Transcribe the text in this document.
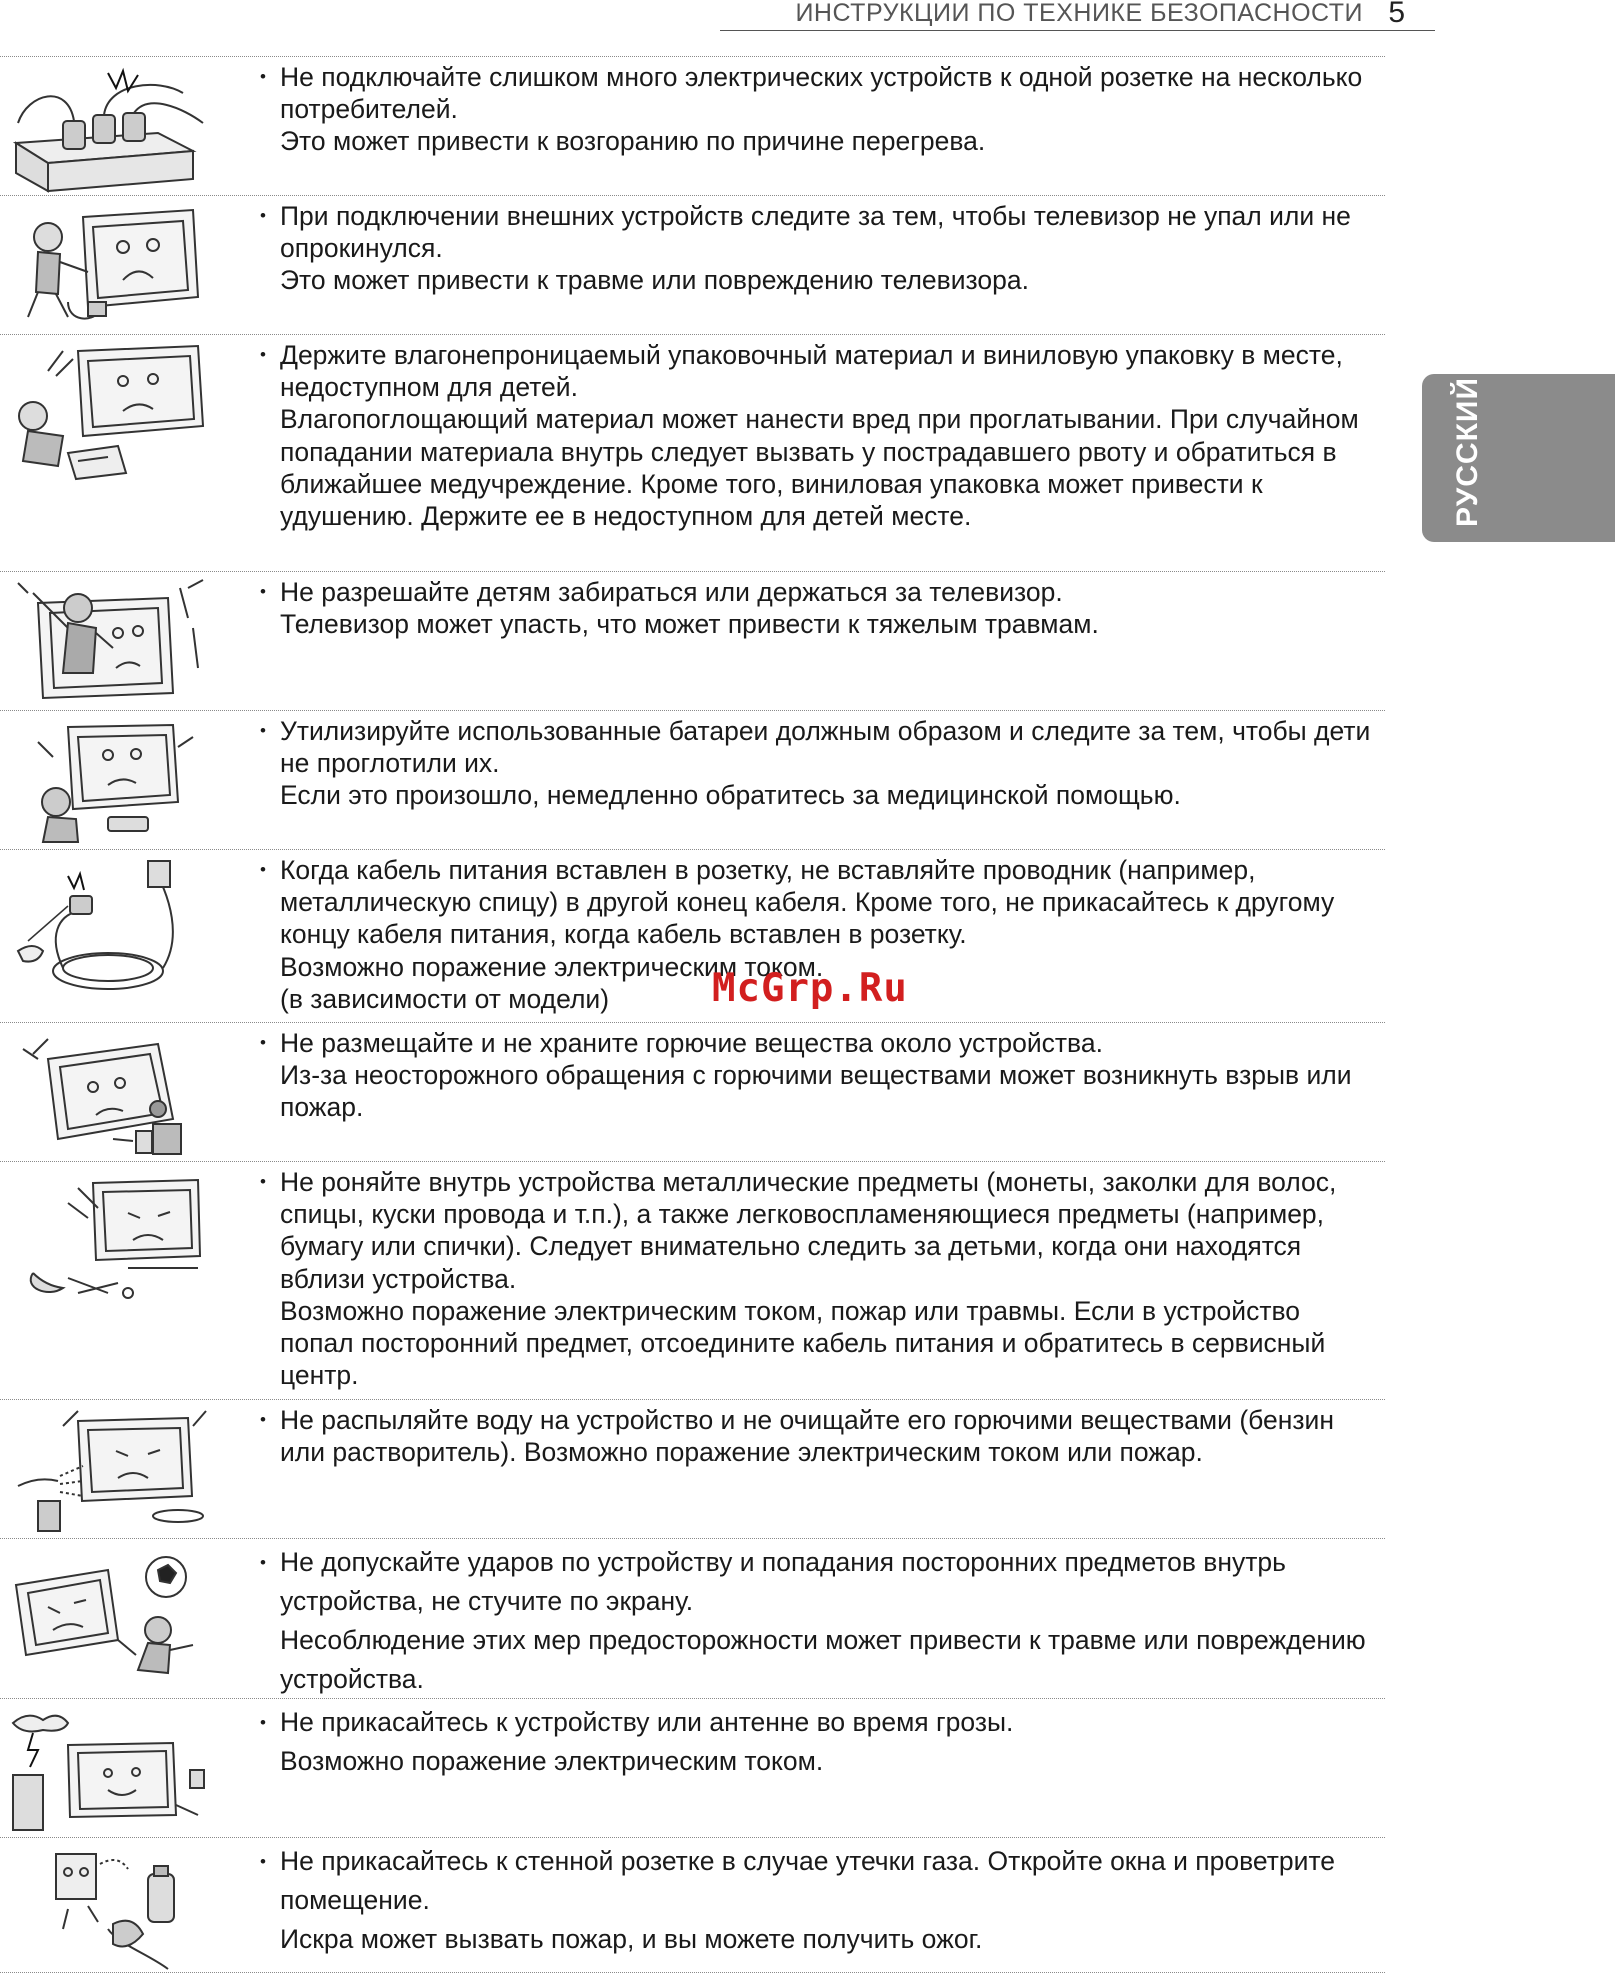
ИНСТРУКЦИИ ПО ТЕХНИКЕ БЕЗОПАСНОСТИ 5
РУССКИЙ

• Не подключайте слишком много электрических устройств к одной розетке на несколько потребителей.

Это может привести к возгоранию по причине перегрева.

• При подключении внешних устройств следите за тем, чтобы телевизор не упал или не опрокинулся.

Это может привести к травме или повреждению телевизора.

• Держите влагонепроницаемый упаковочный материал и виниловую упаковку в месте, недоступном для детей.

Влагопоглощающий материал может нанести вред при проглатывании. При случайном попадании материала внутрь следует вызвать у пострадавшего рвоту и обратиться в ближайшее медучреждение. Кроме того, виниловая упаковка может привести к удушению. Держите ее в недоступном для детей месте.

• Не разрешайте детям забираться или держаться за телевизор.

Телевизор может упасть, что может привести к тяжелым травмам.

• Утилизируйте использованные батареи должным образом и следите за тем, чтобы дети не проглотили их.

Если это произошло, немедленно обратитесь за медицинской помощью.

• Когда кабель питания вставлен в розетку, не вставляйте проводник (например, металлическую спицу) в другой конец кабеля. Кроме того, не прикасайтесь к другому концу кабеля питания, когда кабель вставлен в розетку.

Возможно поражение электрическим током.

(в зависимости от модели)

• Не размещайте и не храните горючие вещества около устройства.

Из-за неосторожного обращения с горючими веществами может возникнуть взрыв или пожар.

• Не роняйте внутрь устройства металлические предметы (монеты, заколки для волос, спицы, куски провода и т.п.), а также легковоспламеняющиеся предметы (например, бумагу или спички). Следует внимательно следить за детьми, когда они находятся вблизи устройства.

Возможно поражение электрическим током, пожар или травмы. Если в устройство попал посторонний предмет, отсоедините кабель питания и обратитесь в сервисный центр.

• Не распыляйте воду на устройство и не очищайте его горючими веществами (бензин или растворитель). Возможно поражение электрическим током или пожар.

• Не допускайте ударов по устройству и попадания посторонних предметов внутрь устройства, не стучите по экрану.

Несоблюдение этих мер предосторожности может привести к травме или повреждению устройства.

• Не прикасайтесь к устройству или антенне во время грозы.

Возможно поражение электрическим током.

• Не прикасайтесь к стенной розетке в случае утечки газа. Откройте окна и проветрите помещение.

Искра может вызвать пожар, и вы можете получить ожог.

McGrp.Ru
